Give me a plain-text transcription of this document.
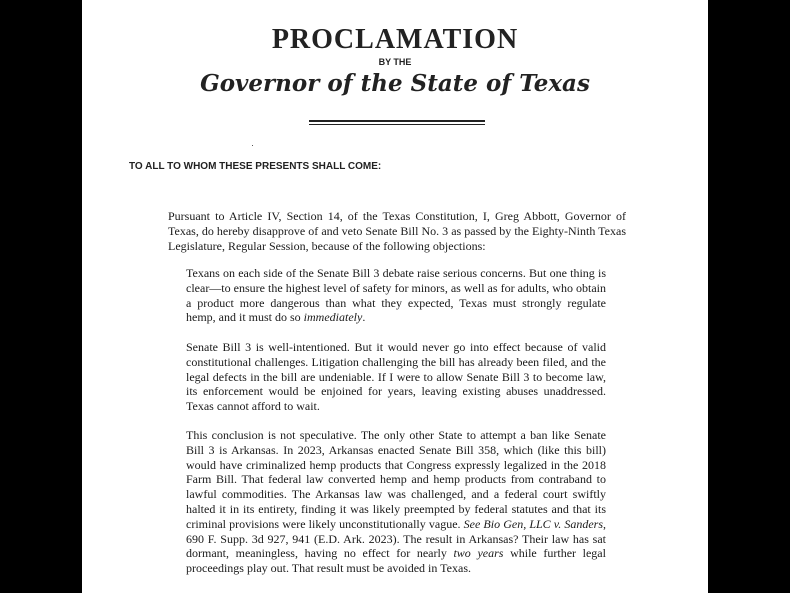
PROCLAMATION
BY THE
Governor of the State of Texas
TO ALL TO WHOM THESE PRESENTS SHALL COME:

Pursuant to Article IV, Section 14, of the Texas Constitution, I, Greg Abbott, Governor of Texas, do hereby disapprove of and veto Senate Bill No. 3 as passed by the Eighty-Ninth Texas Legislature, Regular Session, because of the following objections:

Texans on each side of the Senate Bill 3 debate raise serious concerns. But one thing is clear—to ensure the highest level of safety for minors, as well as for adults, who obtain a product more dangerous than what they expected, Texas must strongly regulate hemp, and it must do so immediately.

Senate Bill 3 is well-intentioned. But it would never go into effect because of valid constitutional challenges. Litigation challenging the bill has already been filed, and the legal defects in the bill are undeniable. If I were to allow Senate Bill 3 to become law, its enforcement would be enjoined for years, leaving existing abuses unaddressed. Texas cannot afford to wait.

This conclusion is not speculative. The only other State to attempt a ban like Senate Bill 3 is Arkansas. In 2023, Arkansas enacted Senate Bill 358, which (like this bill) would have criminalized hemp products that Congress expressly legalized in the 2018 Farm Bill. That federal law converted hemp and hemp products from contraband to lawful commodities. The Arkansas law was challenged, and a federal court swiftly halted it in its entirety, finding it was likely preempted by federal statutes and that its criminal provisions were likely unconstitutionally vague. See Bio Gen, LLC v. Sanders, 690 F. Supp. 3d 927, 941 (E.D. Ark. 2023). The result in Arkansas? Their law has sat dormant, meaningless, having no effect for nearly two years while further legal proceedings play out. That result must be avoided in Texas.
